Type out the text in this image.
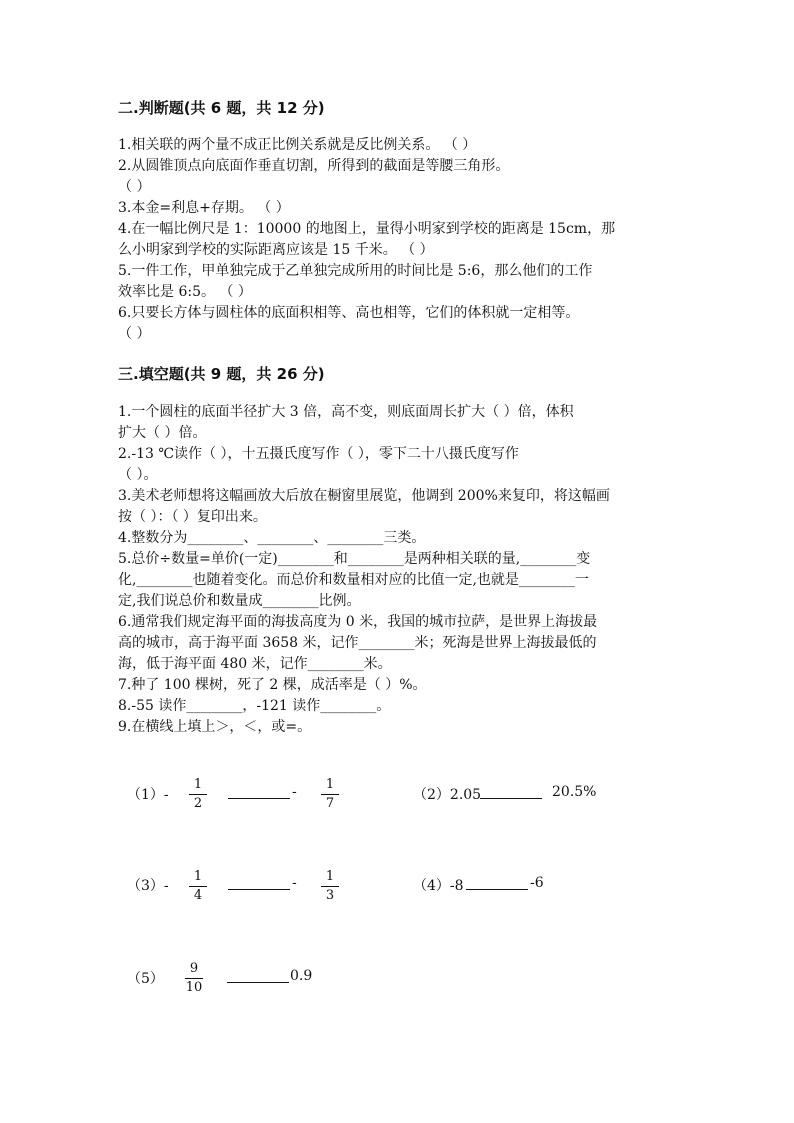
二.判断题(共 6 题，共 12 分)
1.相关联的两个量不成正比例关系就是反比例关系。 （ ）
2.从圆锥顶点向底面作垂直切割，所得到的截面是等腰三角形。
（ ）
3.本金=利息+存期。 （ ）
4.在一幅比例尺是 1：10000 的地图上，量得小明家到学校的距离是 15cm，那
么小明家到学校的实际距离应该是 15 千米。 （ ）
5.一件工作，甲单独完成于乙单独完成所用的时间比是 5:6，那么他们的工作
效率比是 6:5。 （ ）
6.只要长方体与圆柱体的底面积相等、高也相等，它们的体积就一定相等。
（ ）
三.填空题(共 9 题，共 26 分)
1.一个圆柱的底面半径扩大 3 倍，高不变，则底面周长扩大（ ）倍，体积
扩大（ ）倍。
2.-13 ℃读作（ ），十五摄氏度写作（ ），零下二十八摄氏度写作
（ ）。
3.美术老师想将这幅画放大后放在橱窗里展览，他调到 200%来复印，将这幅画
按（ ）：（ ）复印出来。
4.整数分为________、________、________三类。
5.总价÷数量=单价(一定)________和________是两种相关联的量,________变
化,________也随着变化。而总价和数量相对应的比值一定,也就是________一
定,我们说总价和数量成________比例。
6.通常我们规定海平面的海拔高度为 0 米，我国的城市拉萨，是世界上海拔最
高的城市，高于海平面 3658 米，记作________米；死海是世界上海拔最低的
海，低于海平面 480 米，记作________米。
7.种了 100 棵树，死了 2 棵，成活率是（ ）%。
8.-55 读作________，-121 读作________。
9.在横线上填上＞，＜，或=。
（1）-
1
2
-	1
7
（2）2.05	20.5%
（3）-
1
4
-	1
3
（4）-8	-6
（5）
9
10
0.9
